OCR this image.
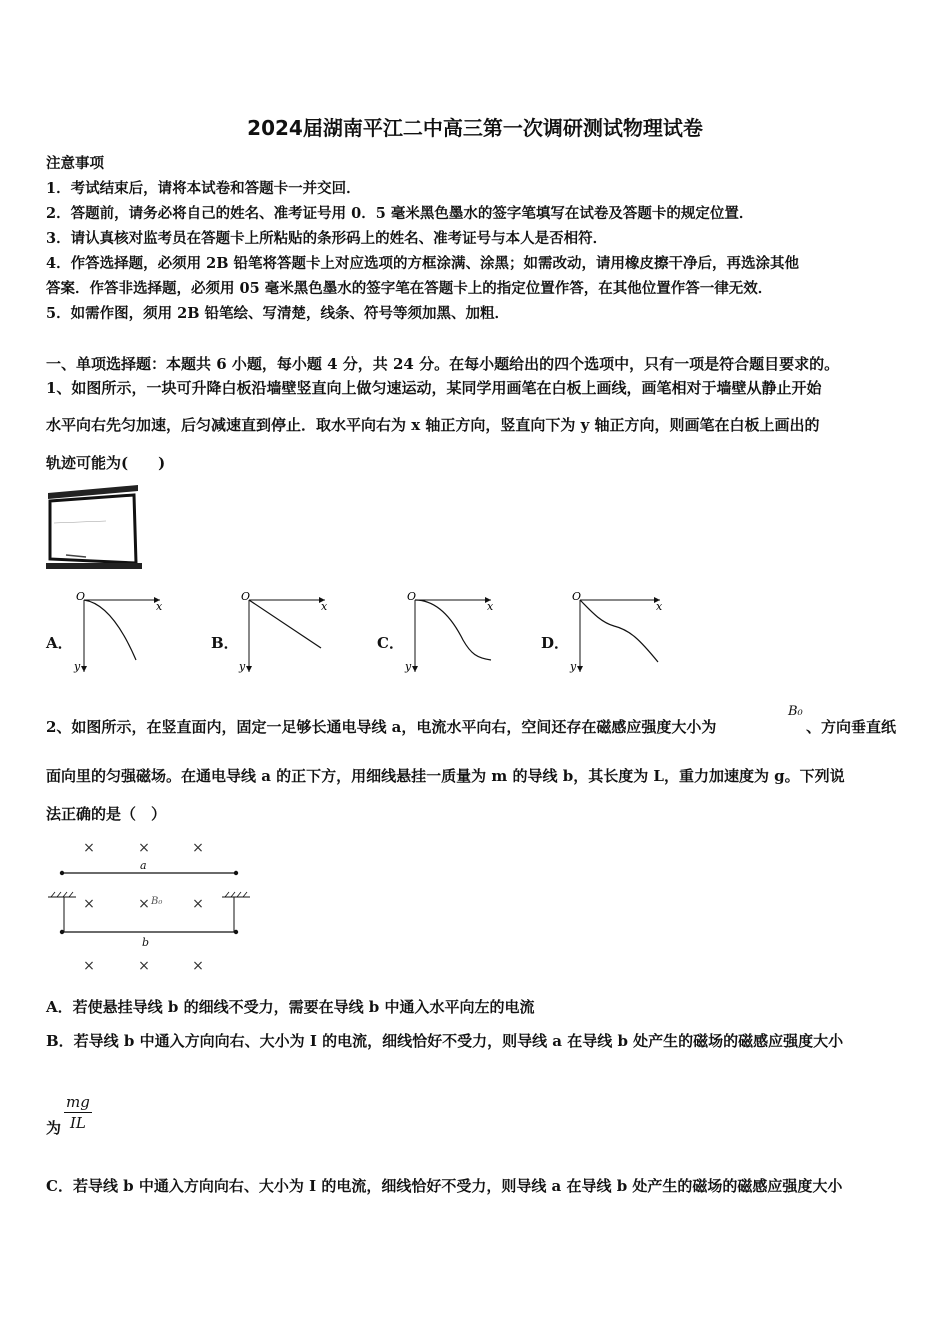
2024届湖南平江二中高三第一次调研测试物理试卷
注意事项
1．考试结束后，请将本试卷和答题卡一并交回．
2．答题前，请务必将自己的姓名、准考证号用 0．5 毫米黑色墨水的签字笔填写在试卷及答题卡的规定位置．
3．请认真核对监考员在答题卡上所粘贴的条形码上的姓名、准考证号与本人是否相符．
4．作答选择题，必须用 2B 铅笔将答题卡上对应选项的方框涂满、涂黑；如需改动，请用橡皮擦干净后，再选涂其他
答案．作答非选择题，必须用 05 毫米黑色墨水的签字笔在答题卡上的指定位置作答，在其他位置作答一律无效．
5．如需作图，须用 2B 铅笔绘、写清楚，线条、符号等须加黑、加粗．
一、单项选择题：本题共 6 小题，每小题 4 分，共 24 分。在每小题给出的四个选项中，只有一项是符合题目要求的。
1、如图所示，一块可升降白板沿墙壁竖直向上做匀速运动，某同学用画笔在白板上画线，画笔相对于墙壁从静止开始
水平向右先匀加速，后匀减速直到停止．取水平向右为 x 轴正方向，竖直向下为 y 轴正方向，则画笔在白板上画出的
轨迹可能为(　　)
A．
O
x
y
B．
O
x
y
C．
O
x
y
D．
O
x
y
2、如图所示，在竖直面内，固定一足够长通电导线 a，电流水平向右，空间还存在磁感应强度大小为
B₀
、方向垂直纸
面向里的匀强磁场。在通电导线 a 的正下方，用细线悬挂一质量为 m 的导线 b，其长度为 L，重力加速度为 g。下列说
法正确的是（　）
×	×	×
×	×	×
×	×	×
a
b
B₀
A．若使悬挂导线 b 的细线不受力，需要在导线 b 中通入水平向左的电流
B．若导线 b 中通入方向向右、大小为 I 的电流，细线恰好不受力，则导线 a 在导线 b 处产生的磁场的磁感应强度大小
$\frac{mg}{IL}$
为
C．若导线 b 中通入方向向右、大小为 I 的电流，细线恰好不受力，则导线 a 在导线 b 处产生的磁场的磁感应强度大小
